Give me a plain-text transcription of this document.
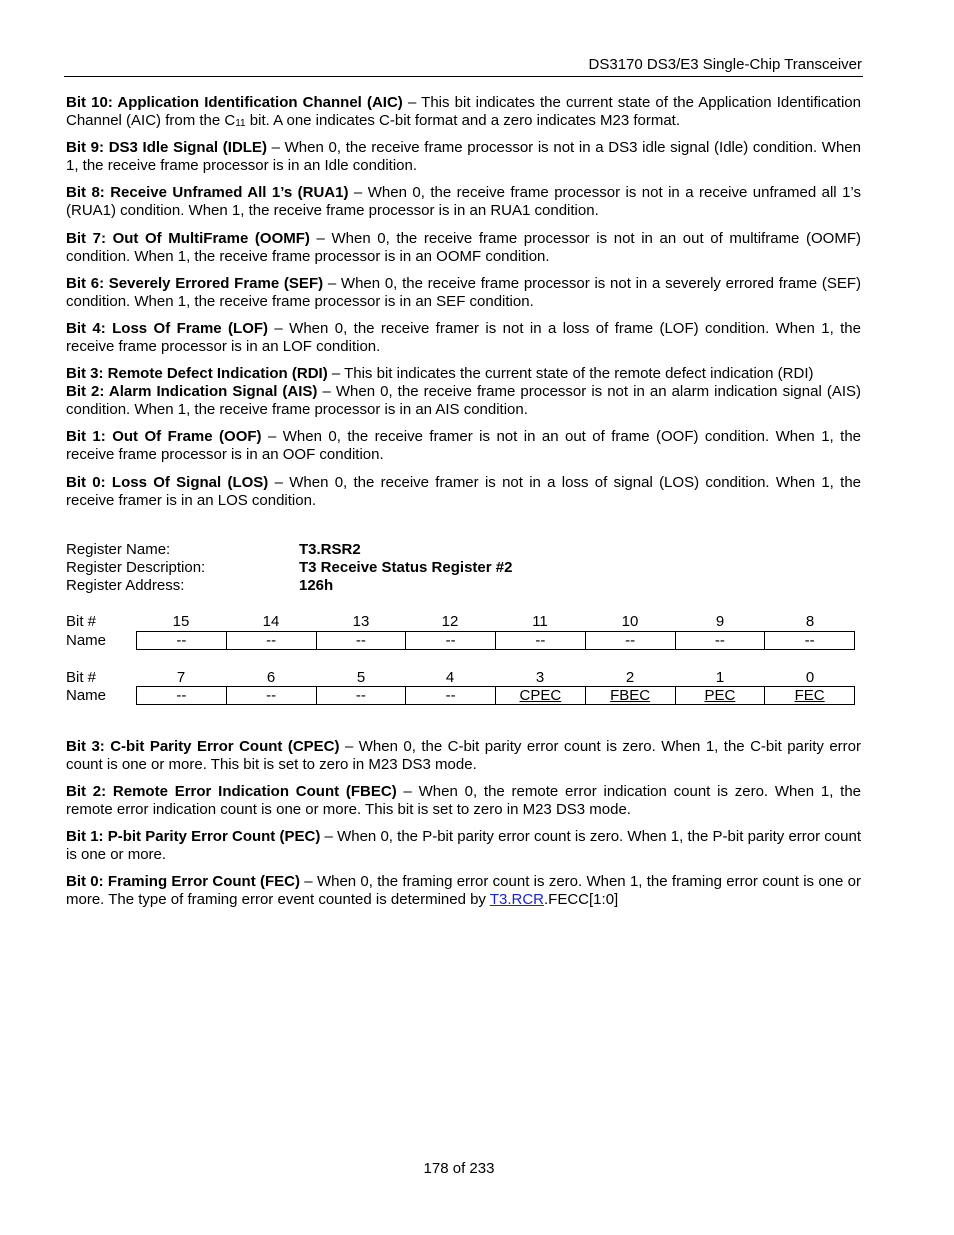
DS3170 DS3/E3 Single-Chip Transceiver

Bit 10: Application Identification Channel (AIC) – This bit indicates the current state of the Application Identification Channel (AIC) from the $C_{11}$ bit. A one indicates C-bit format and a zero indicates M23 format.

Bit 9: DS3 Idle Signal (IDLE) – When 0, the receive frame processor is not in a DS3 idle signal (Idle) condition. When 1, the receive frame processor is in an Idle condition.

Bit 8: Receive Unframed All 1’s (RUA1) – When 0, the receive frame processor is not in a receive unframed all 1’s (RUA1) condition. When 1, the receive frame processor is in an RUA1 condition.

Bit 7: Out Of MultiFrame (OOMF) – When 0, the receive frame processor is not in an out of multiframe (OOMF) condition. When 1, the receive frame processor is in an OOMF condition.

Bit 6: Severely Errored Frame (SEF) – When 0, the receive frame processor is not in a severely errored frame (SEF) condition. When 1, the receive frame processor is in an SEF condition.

Bit 4: Loss Of Frame (LOF) – When 0, the receive framer is not in a loss of frame (LOF) condition. When 1, the receive frame processor is in an LOF condition.

Bit 3: Remote Defect Indication (RDI) – This bit indicates the current state of the remote defect indication (RDI)
Bit 2: Alarm Indication Signal (AIS) – When 0, the receive frame processor is not in an alarm indication signal (AIS) condition. When 1, the receive frame processor is in an AIS condition.

Bit 1: Out Of Frame (OOF) – When 0, the receive framer is not in an out of frame (OOF) condition. When 1, the receive frame processor is in an OOF condition.

Bit 0: Loss Of Signal (LOS) – When 0, the receive framer is not in a loss of signal (LOS) condition. When 1, the receive framer is in an LOS condition.

Register Name:	T3.RSR2
Register Description:	T3 Receive Status Register #2
Register Address:	126h
Bit #	15	14	13	12	11	10	9	8
Name	--	--	--	--	--	--	--	--
Bit #	7	6	5	4	3	2	1	0
Name	--	--	--	--	CPEC	FBEC	PEC	FEC

Bit 3: C-bit Parity Error Count (CPEC) – When 0, the C-bit parity error count is zero. When 1, the C-bit parity error count is one or more. This bit is set to zero in M23 DS3 mode.

Bit 2: Remote Error Indication Count (FBEC) – When 0, the remote error indication count is zero. When 1, the remote error indication count is one or more. This bit is set to zero in M23 DS3 mode.

Bit 1: P-bit Parity Error Count (PEC) – When 0, the P-bit parity error count is zero. When 1, the P-bit parity error count is one or more.

Bit 0: Framing Error Count (FEC) – When 0, the framing error count is zero. When 1, the framing error count is one or more. The type of framing error event counted is determined by T3.RCR.FECC[1:0]

178 of 233
